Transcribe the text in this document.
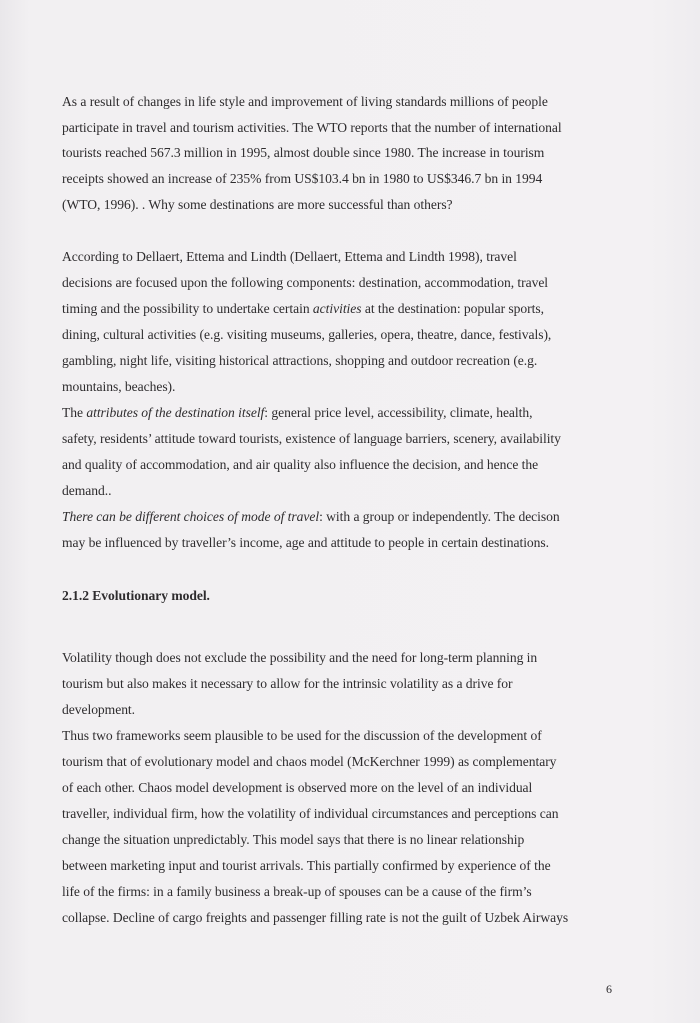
As a result of changes in life style and improvement of living standards millions of people
participate in travel and tourism activities. The WTO reports that the number of international
tourists reached 567.3 million in 1995, almost double since 1980. The increase in tourism
receipts showed an increase of 235% from US$103.4 bn in 1980 to US$346.7 bn in 1994
(WTO, 1996). . Why some destinations are more successful than others?
According to Dellaert, Ettema and Lindth (Dellaert, Ettema and Lindth 1998), travel
decisions are focused upon the following components: destination, accommodation, travel
timing and the possibility to undertake certain activities at the destination: popular sports,
dining, cultural activities (e.g. visiting museums, galleries, opera, theatre, dance, festivals),
gambling, night life, visiting historical attractions, shopping and outdoor recreation (e.g.
mountains, beaches).
The attributes of the destination itself: general price level, accessibility, climate, health,
safety, residents’ attitude toward tourists, existence of language barriers, scenery, availability
and quality of accommodation, and air quality also influence the decision, and hence the
demand..
There can be different choices of mode of travel: with a group or independently. The decison
may be influenced by traveller’s income, age and attitude to people in certain destinations.
2.1.2 Evolutionary model.
Volatility though does not exclude the possibility and the need for long-term planning in
tourism but also makes it necessary to allow for the intrinsic volatility as a drive for
development.
Thus two frameworks seem plausible to be used for the discussion of the development of
tourism that of evolutionary model and chaos model (McKerchner 1999) as complementary
of each other. Chaos model development is observed more on the level of an individual
traveller, individual firm, how the volatility of individual circumstances and perceptions can
change the situation unpredictably. This model says that there is no linear relationship
between marketing input and tourist arrivals. This partially confirmed by experience of the
life of the firms: in a family business a break-up of spouses can be a cause of the firm’s
collapse. Decline of cargo freights and passenger filling rate is not the guilt of Uzbek Airways
6
